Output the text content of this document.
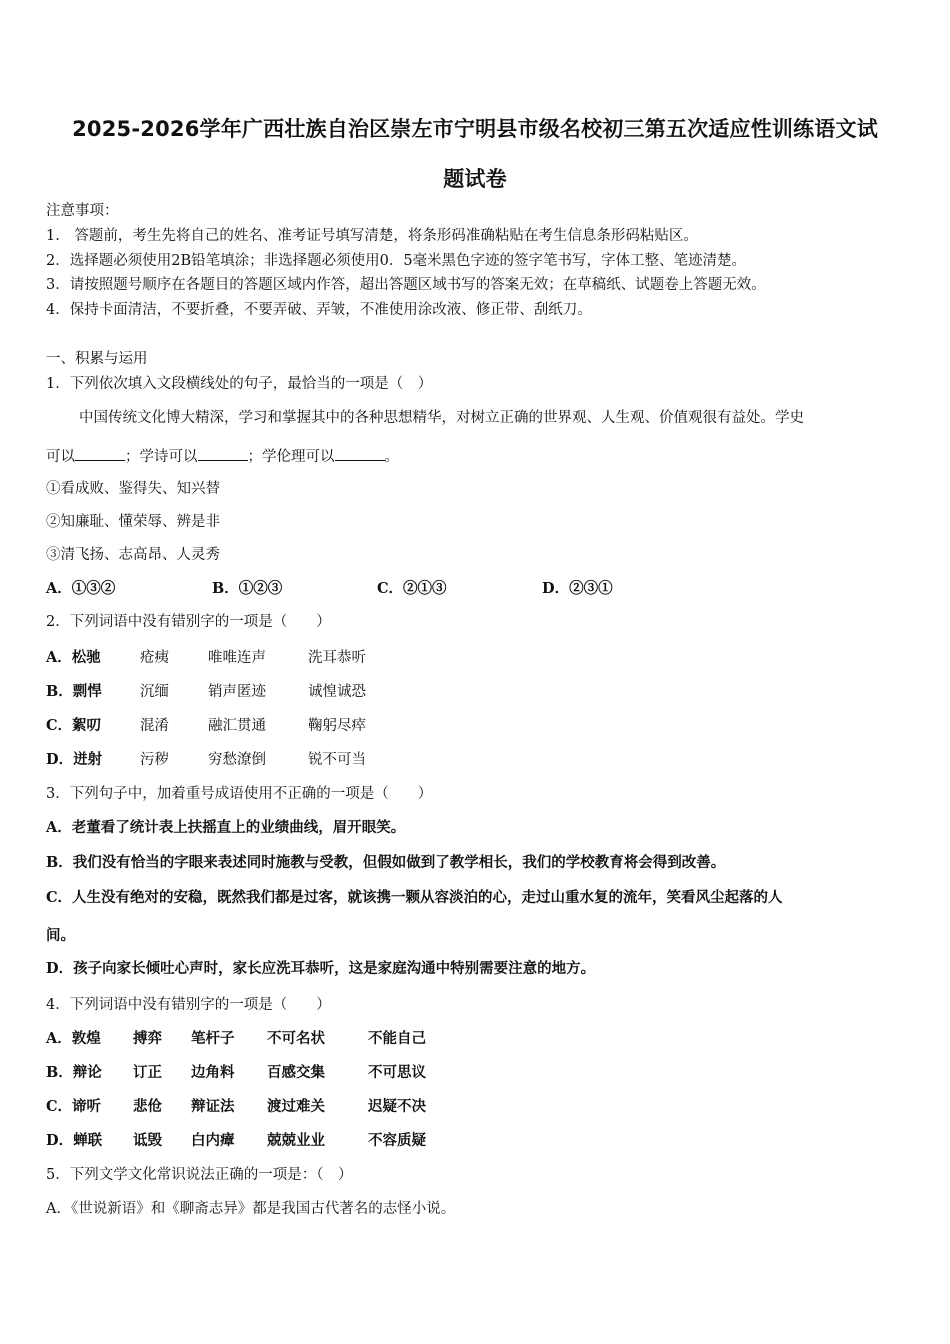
2025-2026学年广西壮族自治区崇左市宁明县市级名校初三第五次适应性训练语文试
题试卷
注意事项：
1.　答题前，考生先将自己的姓名、准考证号填写清楚，将条形码准确粘贴在考生信息条形码粘贴区。
2．选择题必须使用2B铅笔填涂；非选择题必须使用0．5毫米黑色字迹的签字笔书写，字体工整、笔迹清楚。
3．请按照题号顺序在各题目的答题区域内作答，超出答题区域书写的答案无效；在草稿纸、试题卷上答题无效。
4．保持卡面清洁，不要折叠，不要弄破、弄皱，不准使用涂改液、修正带、刮纸刀。
一、积累与运用
1．下列依次填入文段横线处的句子，最恰当的一项是（　）
中国传统文化博大精深，学习和掌握其中的各种思想精华，对树立正确的世界观、人生观、价值观很有益处。学史
可以	；学诗可以	；学伦理可以	。
①看成败、鉴得失、知兴替
②知廉耻、懂荣辱、辨是非
③清飞扬、志高昂、人灵秀
A．①③②	B．①②③	C．②①③	D．②③①
2．下列词语中没有错别字的一项是（　　）
A．松驰	疮痍	唯唯连声	洗耳恭听
B．剽悍	沉缅	销声匿迹	诚惶诚恐
C．絮叨	混淆	融汇贯通	鞠躬尽瘁
D．迸射	污秽	穷愁潦倒	锐不可当
3．下列句子中，加着重号成语使用不正确的一项是（　　）
A．老董看了统计表上扶摇直上的业绩曲线，眉开眼笑。
B．我们没有恰当的字眼来表述同时施教与受教，但假如做到了教学相长，我们的学校教育将会得到改善。
C．人生没有绝对的安稳，既然我们都是过客，就该携一颗从容淡泊的心，走过山重水复的流年，笑看风尘起落的人
间。
D．孩子向家长倾吐心声时，家长应洗耳恭听，这是家庭沟通中特别需要注意的地方。
4．下列词语中没有错别字的一项是（　　）
A．敦煌 搏弈 笔杆子 不可名状	不能自己
B．辩论 订正 边角料 百感交集	不可思议
C．谛听 悲伧 辩证法 渡过难关	迟疑不决
D．蝉联 诋毁 白内瘴 兢兢业业	不容质疑
5．下列文学文化常识说法正确的一项是：（　）
A．《世说新语》和《聊斋志异》都是我国古代著名的志怪小说。
